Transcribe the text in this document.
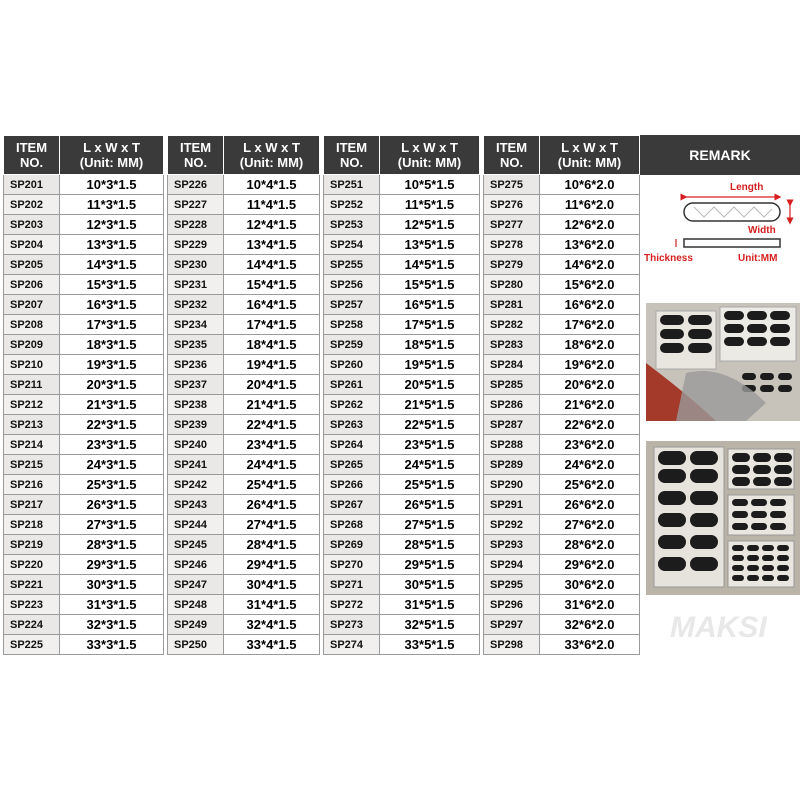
ITEM
NO.	L x W x T
(Unit: MM)		ITEM
NO.	L x W x T
(Unit: MM)		ITEM
NO.	L x W x T
(Unit: MM)		ITEM
NO.	L x W x T
(Unit: MM)

SP201	10*3*1.5		SP226	10*4*1.5		SP251	10*5*1.5		SP275	10*6*2.0
SP202	11*3*1.5		SP227	11*4*1.5		SP252	11*5*1.5		SP276	11*6*2.0
SP203	12*3*1.5		SP228	12*4*1.5		SP253	12*5*1.5		SP277	12*6*2.0
SP204	13*3*1.5		SP229	13*4*1.5		SP254	13*5*1.5		SP278	13*6*2.0
SP205	14*3*1.5		SP230	14*4*1.5		SP255	14*5*1.5		SP279	14*6*2.0
SP206	15*3*1.5		SP231	15*4*1.5		SP256	15*5*1.5		SP280	15*6*2.0
SP207	16*3*1.5		SP232	16*4*1.5		SP257	16*5*1.5		SP281	16*6*2.0
SP208	17*3*1.5		SP234	17*4*1.5		SP258	17*5*1.5		SP282	17*6*2.0
SP209	18*3*1.5		SP235	18*4*1.5		SP259	18*5*1.5		SP283	18*6*2.0
SP210	19*3*1.5		SP236	19*4*1.5		SP260	19*5*1.5		SP284	19*6*2.0
SP211	20*3*1.5		SP237	20*4*1.5		SP261	20*5*1.5		SP285	20*6*2.0
SP212	21*3*1.5		SP238	21*4*1.5		SP262	21*5*1.5		SP286	21*6*2.0
SP213	22*3*1.5		SP239	22*4*1.5		SP263	22*5*1.5		SP287	22*6*2.0
SP214	23*3*1.5		SP240	23*4*1.5		SP264	23*5*1.5		SP288	23*6*2.0
SP215	24*3*1.5		SP241	24*4*1.5		SP265	24*5*1.5		SP289	24*6*2.0
SP216	25*3*1.5		SP242	25*4*1.5		SP266	25*5*1.5		SP290	25*6*2.0
SP217	26*3*1.5		SP243	26*4*1.5		SP267	26*5*1.5		SP291	26*6*2.0
SP218	27*3*1.5		SP244	27*4*1.5		SP268	27*5*1.5		SP292	27*6*2.0
SP219	28*3*1.5		SP245	28*4*1.5		SP269	28*5*1.5		SP293	28*6*2.0
SP220	29*3*1.5		SP246	29*4*1.5		SP270	29*5*1.5		SP294	29*6*2.0
SP221	30*3*1.5		SP247	30*4*1.5		SP271	30*5*1.5		SP295	30*6*2.0
SP223	31*3*1.5		SP248	31*4*1.5		SP272	31*5*1.5		SP296	31*6*2.0
SP224	32*3*1.5		SP249	32*4*1.5		SP273	32*5*1.5		SP297	32*6*2.0
SP225	33*3*1.5		SP250	33*4*1.5		SP274	33*5*1.5		SP298	33*6*2.0
REMARK
Length
Width
Thickness	Unit:MM
MAKSI
